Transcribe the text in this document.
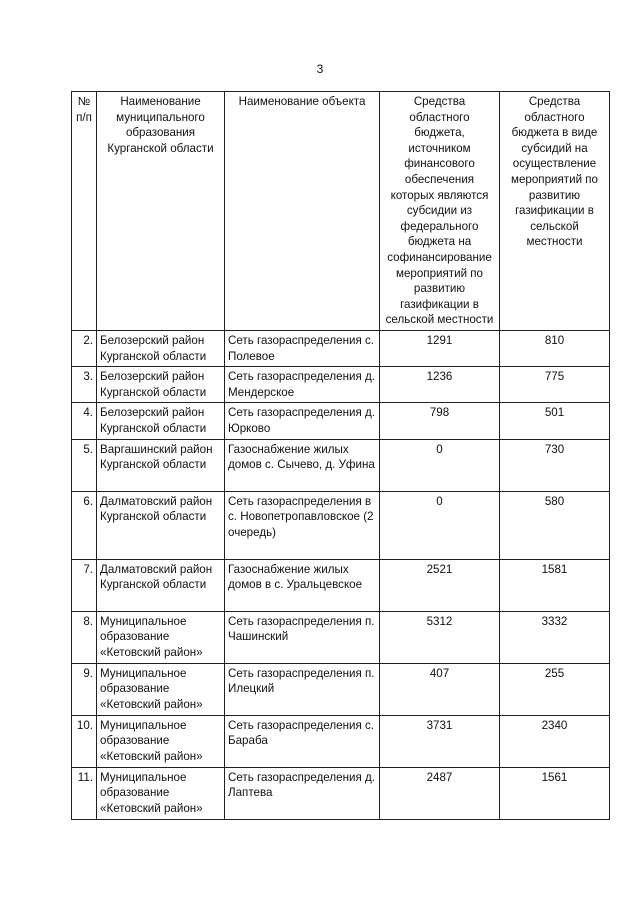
3
№ п/п	Наименование муниципального образования Курганской области	Наименование объекта	Средства областного бюджета, источником финансового обеспечения которых являются субсидии из федерального бюджета на софинансирование мероприятий по развитию газификации в сельской местности	Средства областного бюджета в виде субсидий на осуществление мероприятий по развитию газификации в сельской местности
2.	Белозерский район Курганской области	Сеть газораспределения с. Полевое	1291	810
3.	Белозерский район Курганской области	Сеть газораспределения д. Мендерское	1236	775
4.	Белозерский район Курганской области	Сеть газораспределения д. Юрково	798	501
5.	Варгашинский район Курганской области	Газоснабжение жилых домов с. Сычево, д. Уфина	0	730
6.	Далматовский район Курганской области	Сеть газораспределения в с. Новопетропавловское (2 очередь)	0	580
7.	Далматовский район Курганской области	Газоснабжение жилых домов в с. Уральцевское	2521	1581
8.	Муниципальное образование «Кетовский район»	Сеть газораспределения п. Чашинский	5312	3332
9.	Муниципальное образование «Кетовский район»	Сеть газораспределения п. Илецкий	407	255
10.	Муниципальное образование «Кетовский район»	Сеть газораспределения с. Бараба	3731	2340
11.	Муниципальное образование «Кетовский район»	Сеть газораспределения д. Лаптева	2487	1561
